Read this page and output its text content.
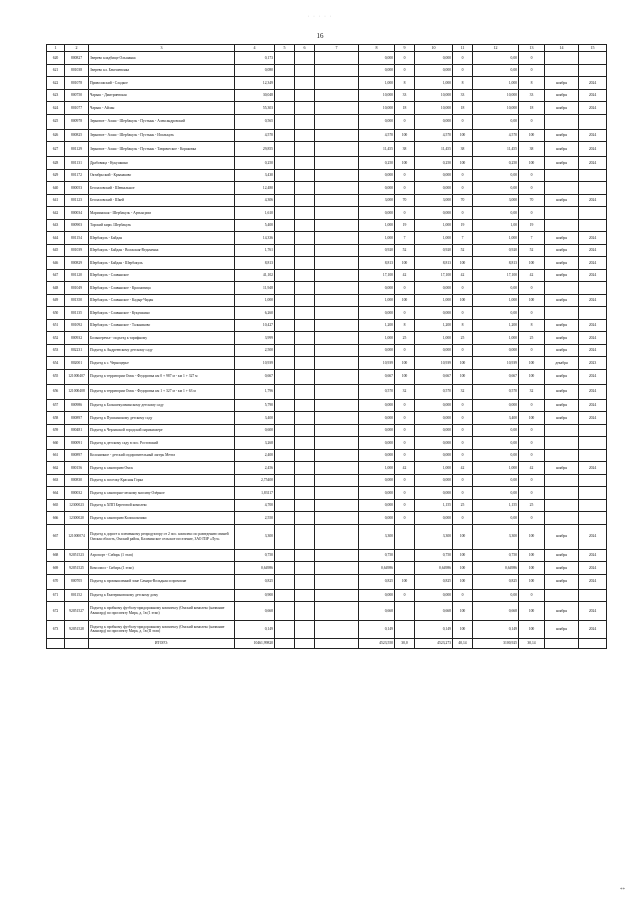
· · · · ·
16
1	2	3	4	5	6	7	8	9	10	11	12	13	14	15
620	800827	Зверево кладбище Ольшанка	0,173				0,000	0	0,000	0	0,00	0		
621	801038	Зверево кл. Бекешевонка	0,080				0,000	0	0,000	0	0,00	0		
622	801078	Приволжский - Сладкое	12,349				1,000	8	1,000	8	1,000	8	ноября	2024
623	800750	Чарыш - Дмитриевская	30,048				10,000	33	10,000	33	10,000	33	ноября	2024
624	801077	Чарыш - Айлан	55,303				10,000	18	10,000	18	10,000	18	ноября	2024
625	800978	Зерновое - Алаш - Шербакуль - Пустынь - Александровский	0,565				0,000	0	0,000	0	0,00	0		
626	800825	Зерновое - Алаш - Шербакуль - Пустынь - Исилькуль	4,570				4,570	100	4,570	100	4,570	100	ноября	2024
627	801129	Зерновое - Алаш - Шербакуль - Пустынь - Таврическое - Кораковка	29,855				11,455	38	11,455	38	11,455	38	ноября	2024
628	801131	Драбовица - Кукушкино	0,250				0,250	100	0,250	100	0,250	100	ноября	2024
629	801172	Октябрьский - Крымаково	3,430				0,000	0	0,000	0	0,00	0		
640	800053	Беспаловский - Шевкальное	12,480				0,000	0	0,000	0	0,00	0		
641	801123	Беспаловский - Шкей	4,306				3,000	70	3,000	70	3,000	70	ноября	2024
642	800034	Мариинская - Шербакуль - Артын рим	1,610				0,000	0	0,000	0	0,00	0		
643	800903	Тарский кирп. Шербакуль	5,400				1,000	19	1,000	19	1,00	19		
644	801154	Шербакуль - Байдан	14,336				1,000	7	1,000	7	1,000	7	ноября	2024
645	801039	Шербакуль - Байдан - Волжская-Ведьменка	1,761				0,920	52	0,920	52	0,920	52	ноября	2024
646	800829	Шербакуль - Байдан - Шербакуль	8,813				8,813	100	8,813	100	8,813	100	ноября	2024
647	801120	Шербакуль - Славянское	41,102				17,100	42	17,100	42	17,100	42	ноября	2024
648	801049	Шербакуль - Славянское - Красновица	11,948				0,000	0	0,000	0	0,00	0		
649	801350	Шербакуль - Славянское - Кадыр-Чидан	1,000				1,000	100	1,000	100	1,000	100	ноября	2024
650	801135	Шербакуль - Славянское - Кукушкино	6,260				0,000	0	0,000	0	0,00	0		
651	801092	Шербакуль - Славянское - Тальниково	10,427				1,200	8	1,200	8	1,200	8	ноября	2024
652	800932	Большеречье - подъезд к тарифному	3,999				1,000	25	1,000	25	1,000	25	ноября	2024
653	802231	Подъезд к Андреевскому детскому саду	2,500				0,000	0	0,000	0	0,000	0	ноября	2024
654	802001	Подъезд к с. Черноцерье	10,939				10,939	100	10,939	100	10,939	100	декабря	2023
655	121000407	Подъезд к территории Омск - Федоровка км 0 + 987 м - км 1 + 327 м	0,667				0,667	100	0,667	100	0,667	100	ноября	2024
656	121000408	Подъезд к территории Омск - Федоровка км 1 + 327 м - км 1 + 63 м	1,796				0,570	32	0,570	32	0,570	32	ноября	2024
657	800986	Подъезд к Большекулачинскому детскому саду	5,790				0,000	0	0,000	0	0,000	0	ноября	2024
658	800897	Подъезд к Пушкинскому детскому саду	3,400				0,000	0	0,000	0	3,400	100	ноября	2024
659	800481	Подъезд к Черлакской городской парикмахере	0,600				0,000	0	0,000	0	0,00	0		
660	800091	Подъезд к детскому саду в пос. Ростовский	3,268				0,000	0	0,000	0	0,00	0		
661	800897	Колоничное - детский оздоровительный лагерь Мечта	2,400				0,000	0	0,000	0	0,00	0		
662	800156	Подъезд к санаторию Омск	2,456				1,000	42	1,000	42	1,000	42	ноября	2024
663	800830	Подъезд к поселку Красная Горка	2,75400				0,000	0	0,000	0	0,00	0		
664	800032	Подъезд к санаторно-лесному массиву Озёрное	1,83117				0,000	0	0,000	0	0,00	0		
665	12300023	Подъезд к ХПП Береговой комплекс	4,700				0,000	0	1,155	25	1,155	25		
666	12300020	Подъезд к санаторию Колокольчики	2,550				0,000	0	0,000	0	0,00	0		
667	121000074	Подъезд к дороге к племенному репродуктору от 2 пос. комплекс по разведению свиней Омская область, Омский район, Калачинское сельское поселение, ЗАО ПЗР «Луч»	3,300				3,300		3,300	100	3,300	100	ноября	2024
668	92051523	Аэропорт - Сибирь (1 этап)	0,750				0,750		0,750	100	0,750	100	ноября	2024
669	92051525	Комсомол - Сибирь (1 этап)	0,64986				0,64986		0,64986	100	0,64986	100	ноября	2024
670	800705	Подъезд к промышленной зоне Самара-Вольдная и промзоне	0,825				0,825	100	0,825	100	0,825	100	ноября	2024
671	801152	Подъезд к Екатериновскому детскому дому	0,900				0,000	0	0,000	0	0,00	0		
672	92051527	Подъезд к пробному футболу-придорожному комплексу (Омский комплекс (название Авангард) по проспекту Мира, д. 1в (1 этап)	0,668				0,668		0,668	100	0,668	100	ноября	2024
673	92051528	Подъезд к пробному футболу-придорожному комплексу (Омский комплекс (название Авангард) по проспекту Мира, д. 1в (II этап)	0,149				0,149		0,149	100	0,149	100	ноября	2024
		ИТОГО:	10461,99820				4523,550	30,0	4523,273	40,14	3100,925	30,14		
**
